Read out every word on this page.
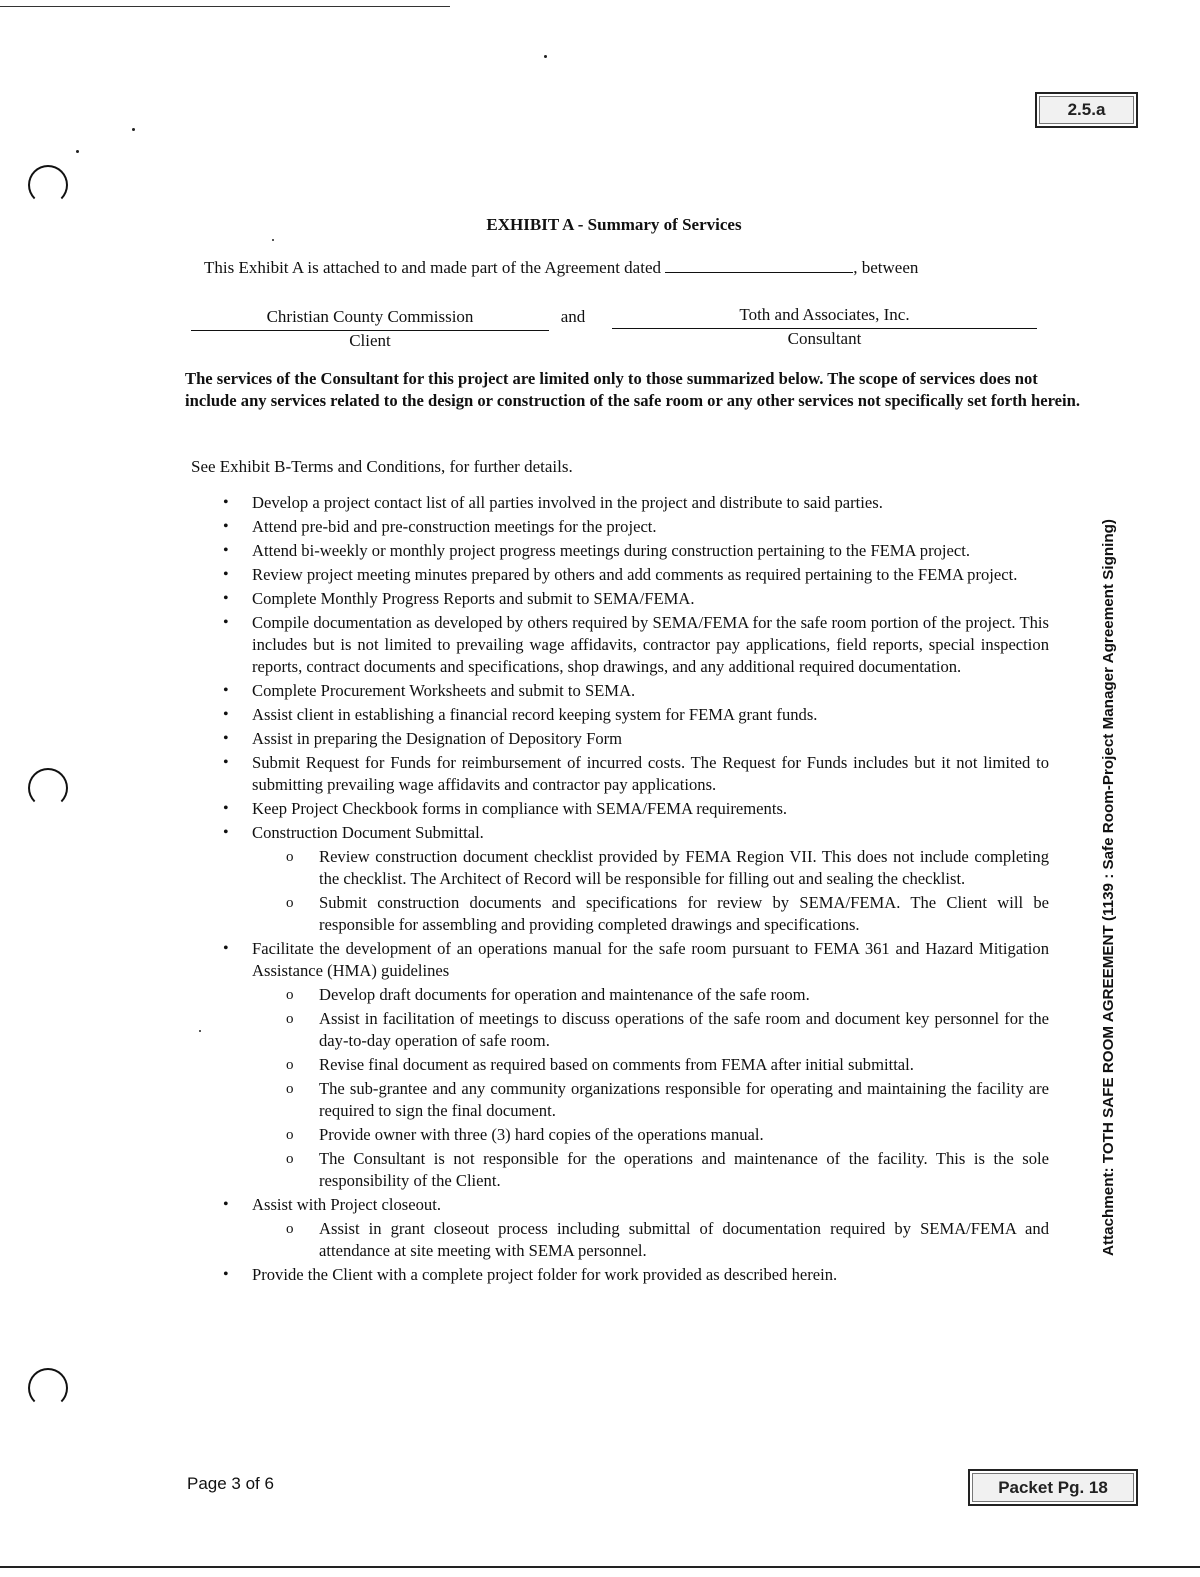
2.5.a
Attachment: TOTH SAFE ROOM AGREEMENT (1139 : Safe Room-Project Manager Agreement Signing)
EXHIBIT A - Summary of Services
This Exhibit A is attached to and made part of the Agreement dated	, between
Christian County Commission	and	Toth and Associates, Inc.
Client	Consultant
The services of the Consultant for this project are limited only to those summarized below. The scope of services does not include any services related to the design or construction of the safe room or any other services not specifically set forth herein.
See Exhibit B-Terms and Conditions, for further details.
• Develop a project contact list of all parties involved in the project and distribute to said parties.
• Attend pre-bid and pre-construction meetings for the project.
• Attend bi-weekly or monthly project progress meetings during construction pertaining to the FEMA project.
• Review project meeting minutes prepared by others and add comments as required pertaining to the FEMA project.
• Complete Monthly Progress Reports and submit to SEMA/FEMA.
• Compile documentation as developed by others required by SEMA/FEMA for the safe room portion of the project. This includes but is not limited to prevailing wage affidavits, contractor pay applications, field reports, special inspection reports, contract documents and specifications, shop drawings, and any additional required documentation.
• Complete Procurement Worksheets and submit to SEMA.
• Assist client in establishing a financial record keeping system for FEMA grant funds.
• Assist in preparing the Designation of Depository Form
• Submit Request for Funds for reimbursement of incurred costs. The Request for Funds includes but it not limited to submitting prevailing wage affidavits and contractor pay applications.
• Keep Project Checkbook forms in compliance with SEMA/FEMA requirements.
• Construction Document Submittal.
o Review construction document checklist provided by FEMA Region VII. This does not include completing the checklist. The Architect of Record will be responsible for filling out and sealing the checklist.
o Submit construction documents and specifications for review by SEMA/FEMA. The Client will be responsible for assembling and providing completed drawings and specifications.
• Facilitate the development of an operations manual for the safe room pursuant to FEMA 361 and Hazard Mitigation Assistance (HMA) guidelines
o Develop draft documents for operation and maintenance of the safe room.
o Assist in facilitation of meetings to discuss operations of the safe room and document key personnel for the day-to-day operation of safe room.
o Revise final document as required based on comments from FEMA after initial submittal.
o The sub-grantee and any community organizations responsible for operating and maintaining the facility are required to sign the final document.
o Provide owner with three (3) hard copies of the operations manual.
o The Consultant is not responsible for the operations and maintenance of the facility. This is the sole responsibility of the Client.
• Assist with Project closeout.
o Assist in grant closeout process including submittal of documentation required by SEMA/FEMA and attendance at site meeting with SEMA personnel.
• Provide the Client with a complete project folder for work provided as described herein.
Page 3 of 6	Packet Pg. 18
